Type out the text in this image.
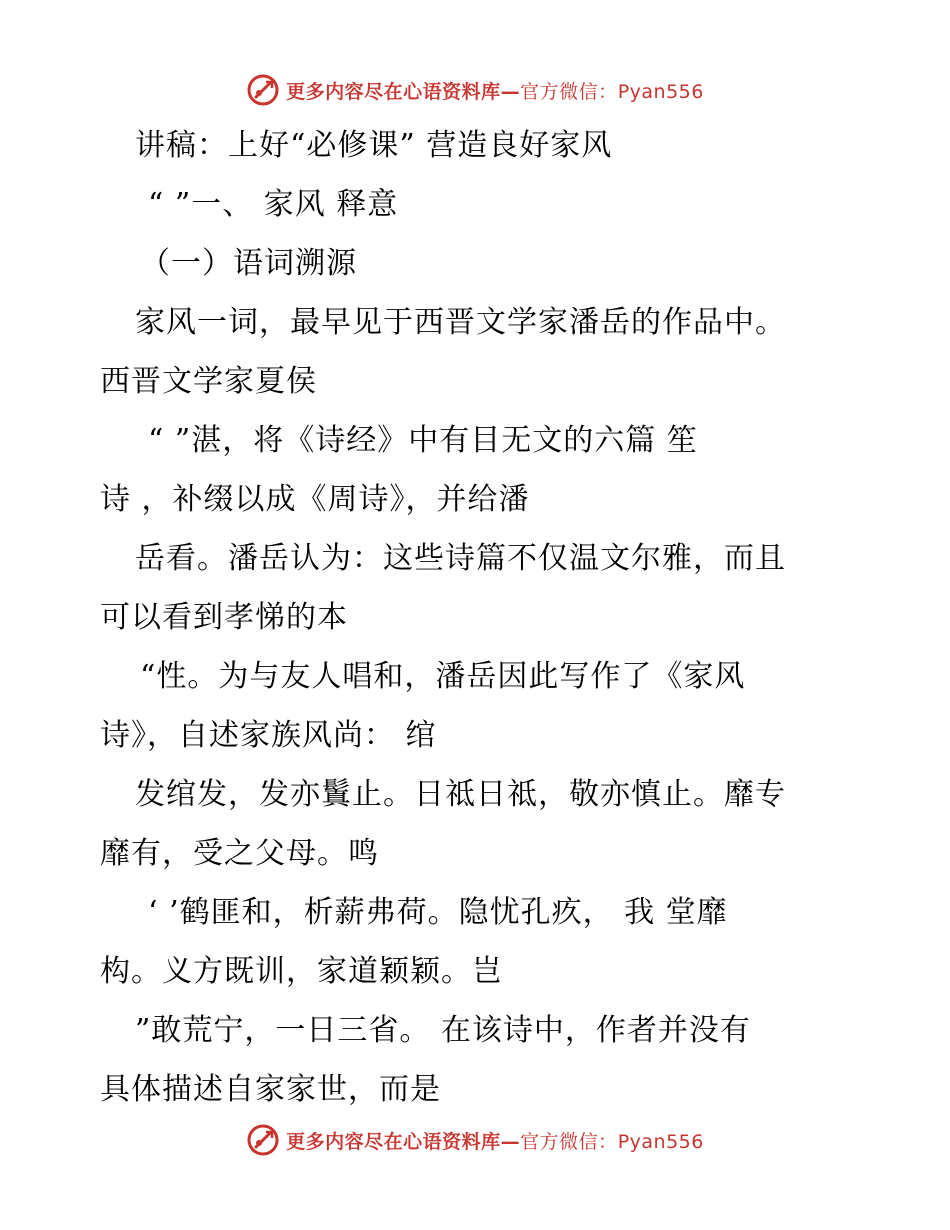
更多内容尽在心语资料库—官方微信：Pyan556
讲稿：上好“必修课” 营造良好家风
“ ”一、 家风 释意
（一）语词溯源
家风一词，最早见于西晋文学家潘岳的作品中。
西晋文学家夏侯
“ ”湛，将《诗经》中有目无文的六篇 笙
诗 ，补缀以成《周诗》，并给潘
岳看。潘岳认为：这些诗篇不仅温文尔雅，而且
可以看到孝悌的本
“性。为与友人唱和，潘岳因此写作了《家风
诗》，自述家族风尚： 绾
发绾发，发亦鬒止。日祗日祗，敬亦慎止。靡专
靡有，受之父母。鸣
‘ ’鹤匪和，析薪弗荷。隐忧孔疚， 我 堂靡
构。义方既训，家道颖颖。岂
”敢荒宁，一日三省。 在该诗中，作者并没有
具体描述自家家世，而是
更多内容尽在心语资料库—官方微信：Pyan556
